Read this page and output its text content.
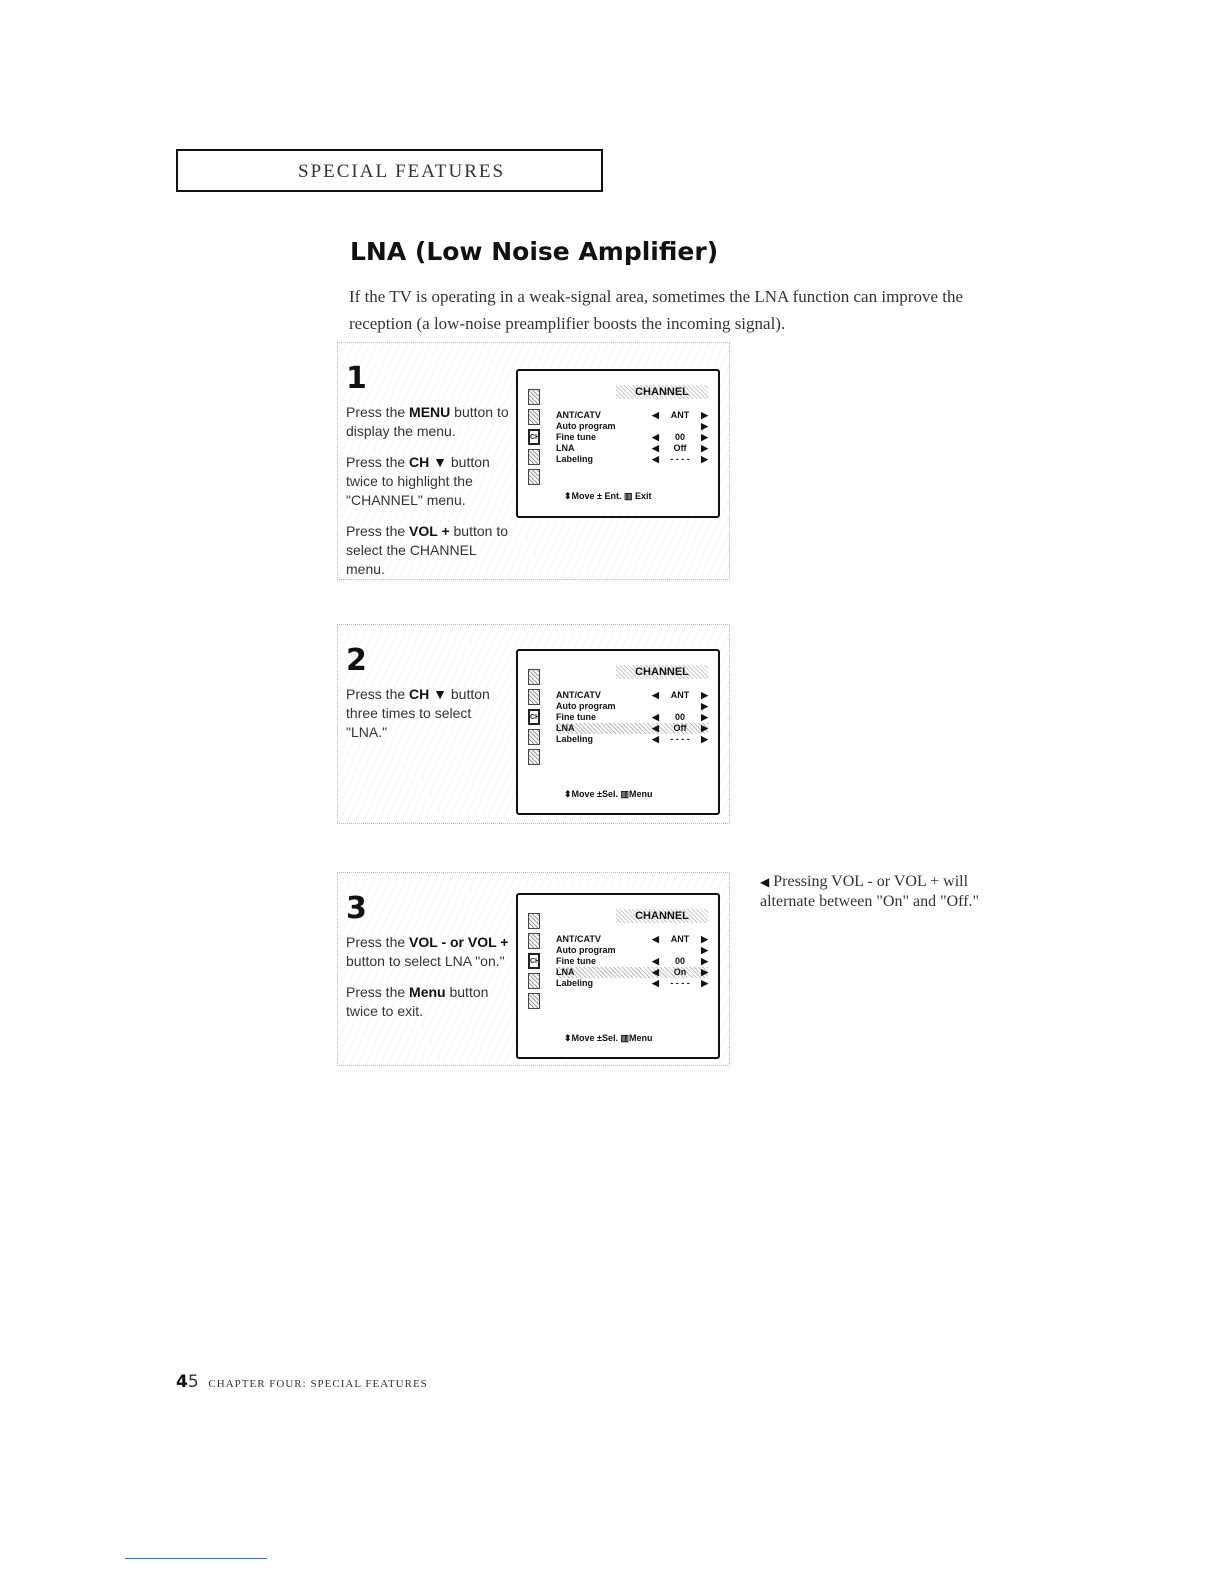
SPECIAL FEATURES
LNA (Low Noise Amplifier)

If the TV is operating in a weak-signal area, sometimes the LNA function can improve the reception (a low-noise preamplifier boosts the incoming signal).

1

Press the MENU button to display the menu.

Press the CH ▼ button twice to highlight the "CHANNEL" menu.

Press the VOL + button to select the CHANNEL menu.

CH
CHANNEL
ANT/CATV	◀ ANT ▶
Auto program	▶
Fine tune	◀ 00 ▶
LNA	◀ Off ▶
Labeling	◀ - - - - ▶
⬍Move ± Ent. ▥ Exit
2

Press the CH ▼ button three times to select "LNA."

CH
CHANNEL
ANT/CATV	◀ ANT ▶
Auto program	▶
Fine tune	◀ 00 ▶
LNA	◀ Off ▶
Labeling	◀ - - - - ▶
⬍Move ±Sel. ▥Menu
3

Press the VOL - or VOL + button to select LNA "on."

Press the Menu button twice to exit.

CH
CHANNEL
ANT/CATV	◀ ANT ▶
Auto program	▶
Fine tune	◀ 00 ▶
LNA	◀ On ▶
Labeling	◀ - - - - ▶
⬍Move ±Sel. ▥Menu
◀ Pressing VOL - or VOL + will alternate between "On" and "Off."
45 CHAPTER FOUR: SPECIAL FEATURES
